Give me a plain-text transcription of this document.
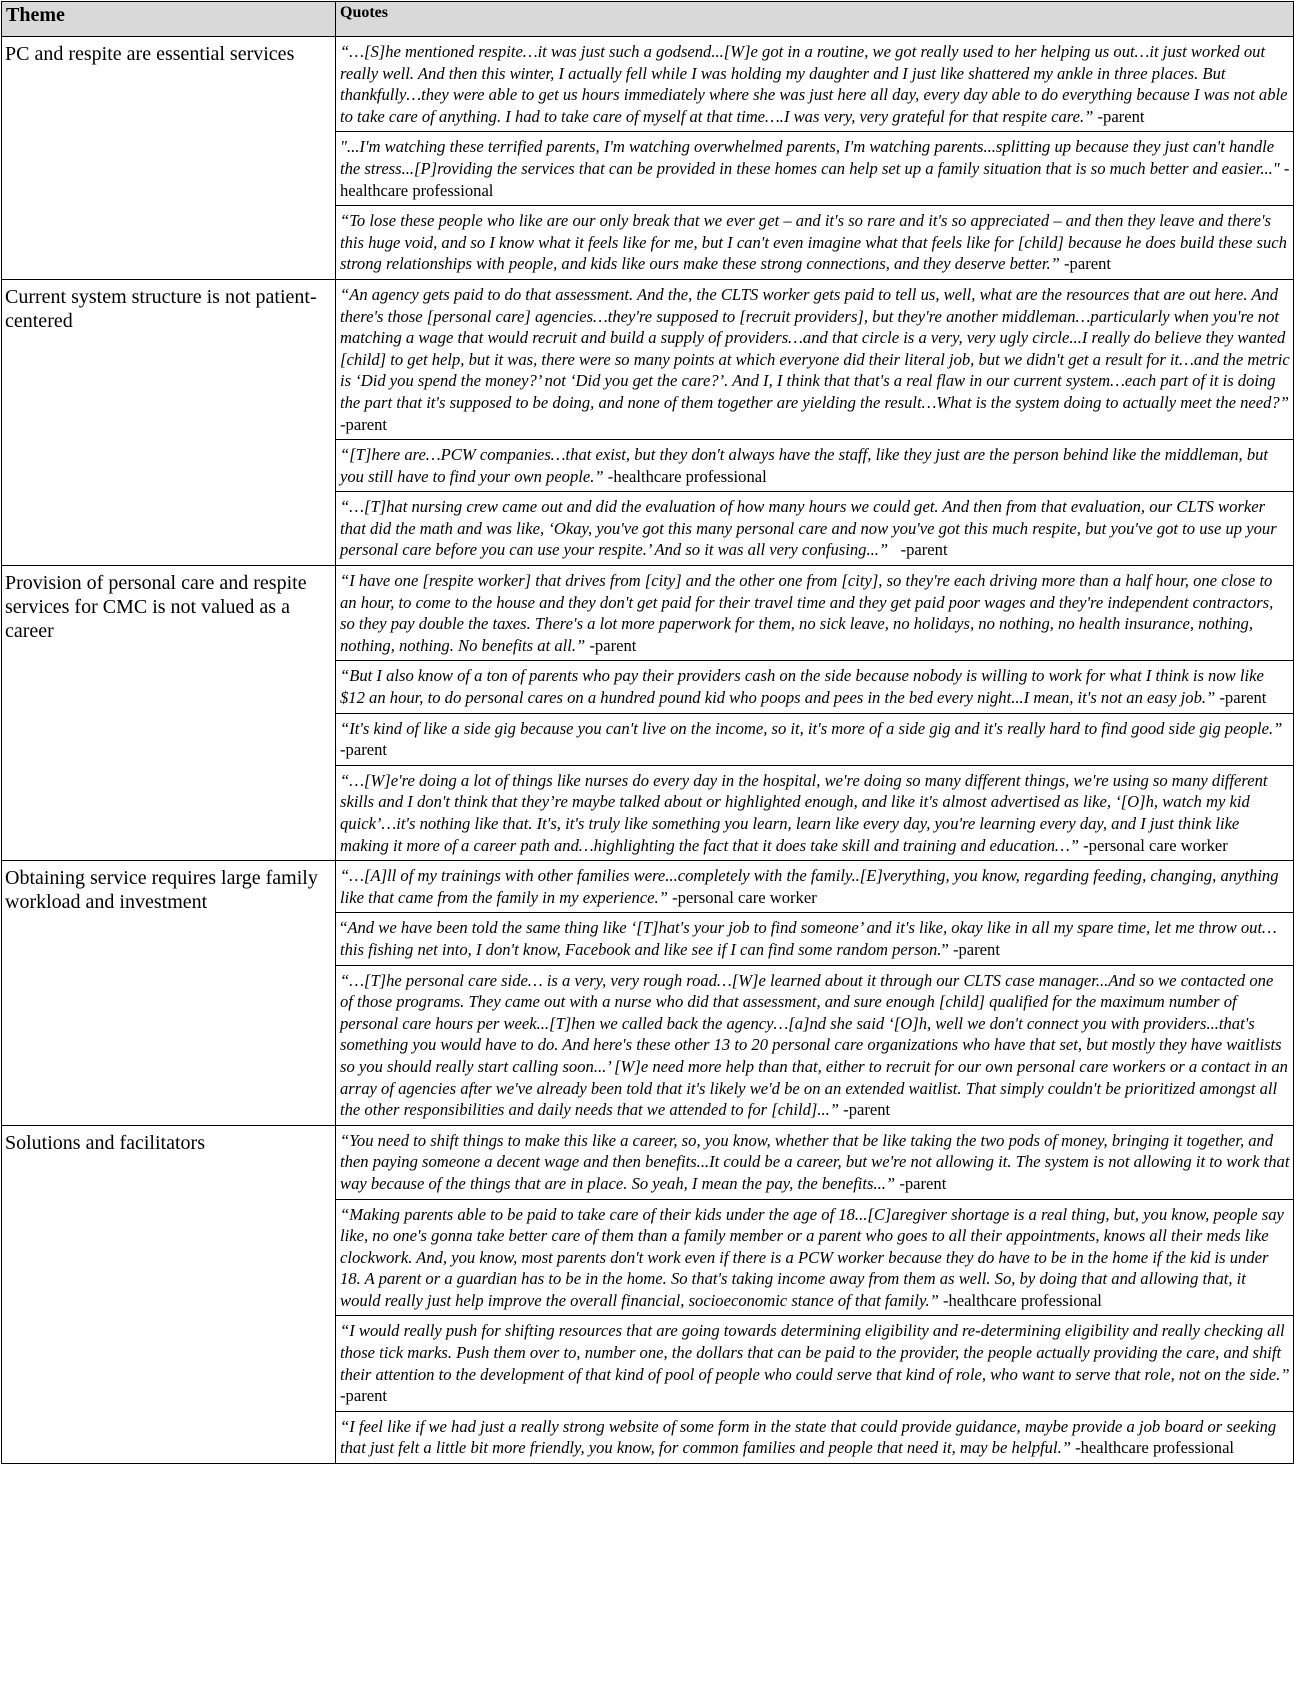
Theme	Quotes
PC and respite are essential services	“…[S]he mentioned respite…it was just such a godsend...[W]e got in a routine, we got really used to her helping us out…it just worked out really well. And then this winter, I actually fell while I was holding my daughter and I just like shattered my ankle in three places. But thankfully…they were able to get us hours immediately where she was just here all day, every day able to do everything because I was not able to take care of anything. I had to take care of myself at that time….I was very, very grateful for that respite care.” -parent
	"...I'm watching these terrified parents, I'm watching overwhelmed parents, I'm watching parents...splitting up because they just can't handle the stress...[P]roviding the services that can be provided in these homes can help set up a family situation that is so much better and easier..." -healthcare professional
	“To lose these people who like are our only break that we ever get – and it's so rare and it's so appreciated – and then they leave and there's this huge void, and so I know what it feels like for me, but I can't even imagine what that feels like for [child] because he does build these such strong relationships with people, and kids like ours make these strong connections, and they deserve better.” -parent
Current system structure is not patient-centered	“An agency gets paid to do that assessment. And the, the CLTS worker gets paid to tell us, well, what are the resources that are out here. And there's those [personal care] agencies…they're supposed to [recruit providers], but they're another middleman…particularly when you're not matching a wage that would recruit and build a supply of providers…and that circle is a very, very ugly circle...I really do believe they wanted [child] to get help, but it was, there were so many points at which everyone did their literal job, but we didn't get a result for it…and the metric is ‘Did you spend the money?’ not ‘Did you get the care?’. And I, I think that that's a real flaw in our current system…each part of it is doing the part that it's supposed to be doing, and none of them together are yielding the result…What is the system doing to actually meet the need?” -parent
	“[T]here are…PCW companies…that exist, but they don't always have the staff, like they just are the person behind like the middleman, but you still have to find your own people.” -healthcare professional
	“…[T]hat nursing crew came out and did the evaluation of how many hours we could get. And then from that evaluation, our CLTS worker that did the math and was like, ‘Okay, you've got this many personal care and now you've got this much respite, but you've got to use up your personal care before you can use your respite.’ And so it was all very confusing...”   -parent
Provision of personal care and respite services for CMC is not valued as a career	“I have one [respite worker] that drives from [city] and the other one from [city], so they're each driving more than a half hour, one close to an hour, to come to the house and they don't get paid for their travel time and they get paid poor wages and they're independent contractors, so they pay double the taxes. There's a lot more paperwork for them, no sick leave, no holidays, no nothing, no health insurance, nothing, nothing, nothing. No benefits at all.” -parent
	“But I also know of a ton of parents who pay their providers cash on the side because nobody is willing to work for what I think is now like $12 an hour, to do personal cares on a hundred pound kid who poops and pees in the bed every night...I mean, it's not an easy job.” -parent
	“It's kind of like a side gig because you can't live on the income, so it, it's more of a side gig and it's really hard to find good side gig people.” -parent
	“…[W]e're doing a lot of things like nurses do every day in the hospital, we're doing so many different things, we're using so many different skills and I don't think that they’re maybe talked about or highlighted enough, and like it's almost advertised as like, ‘[O]h, watch my kid quick’…it's nothing like that. It's, it's truly like something you learn, learn like every day, you're learning every day, and I just think like making it more of a career path and…highlighting the fact that it does take skill and training and education…” -personal care worker
Obtaining service requires large family workload and investment	“…[A]ll of my trainings with other families were...completely with the family..[E]verything, you know, regarding feeding, changing, anything like that came from the family in my experience.” -personal care worker
	“And we have been told the same thing like ‘[T]hat's your job to find someone’ and it's like, okay like in all my spare time, let me throw out…this fishing net into, I don't know, Facebook and like see if I can find some random person.” -parent
	“…[T]he personal care side… is a very, very rough road…[W]e learned about it through our CLTS case manager...And so we contacted one of those programs. They came out with a nurse who did that assessment, and sure enough [child] qualified for the maximum number of personal care hours per week...[T]hen we called back the agency…[a]nd she said ‘[O]h, well we don't connect you with providers...that's something you would have to do. And here's these other 13 to 20 personal care organizations who have that set, but mostly they have waitlists so you should really start calling soon...’ [W]e need more help than that, either to recruit for our own personal care workers or a contact in an array of agencies after we've already been told that it's likely we'd be on an extended waitlist. That simply couldn't be prioritized amongst all the other responsibilities and daily needs that we attended to for [child]...” -parent
Solutions and facilitators	“You need to shift things to make this like a career, so, you know, whether that be like taking the two pods of money, bringing it together, and then paying someone a decent wage and then benefits...It could be a career, but we're not allowing it. The system is not allowing it to work that way because of the things that are in place. So yeah, I mean the pay, the benefits...” -parent
	“Making parents able to be paid to take care of their kids under the age of 18...[C]aregiver shortage is a real thing, but, you know, people say like, no one's gonna take better care of them than a family member or a parent who goes to all their appointments, knows all their meds like clockwork. And, you know, most parents don't work even if there is a PCW worker because they do have to be in the home if the kid is under 18. A parent or a guardian has to be in the home. So that's taking income away from them as well. So, by doing that and allowing that, it would really just help improve the overall financial, socioeconomic stance of that family.” -healthcare professional
	“I would really push for shifting resources that are going towards determining eligibility and re-determining eligibility and really checking all those tick marks. Push them over to, number one, the dollars that can be paid to the provider, the people actually providing the care, and shift their attention to the development of that kind of pool of people who could serve that kind of role, who want to serve that role, not on the side.” -parent
	“I feel like if we had just a really strong website of some form in the state that could provide guidance, maybe provide a job board or seeking that just felt a little bit more friendly, you know, for common families and people that need it, may be helpful.” -healthcare professional
